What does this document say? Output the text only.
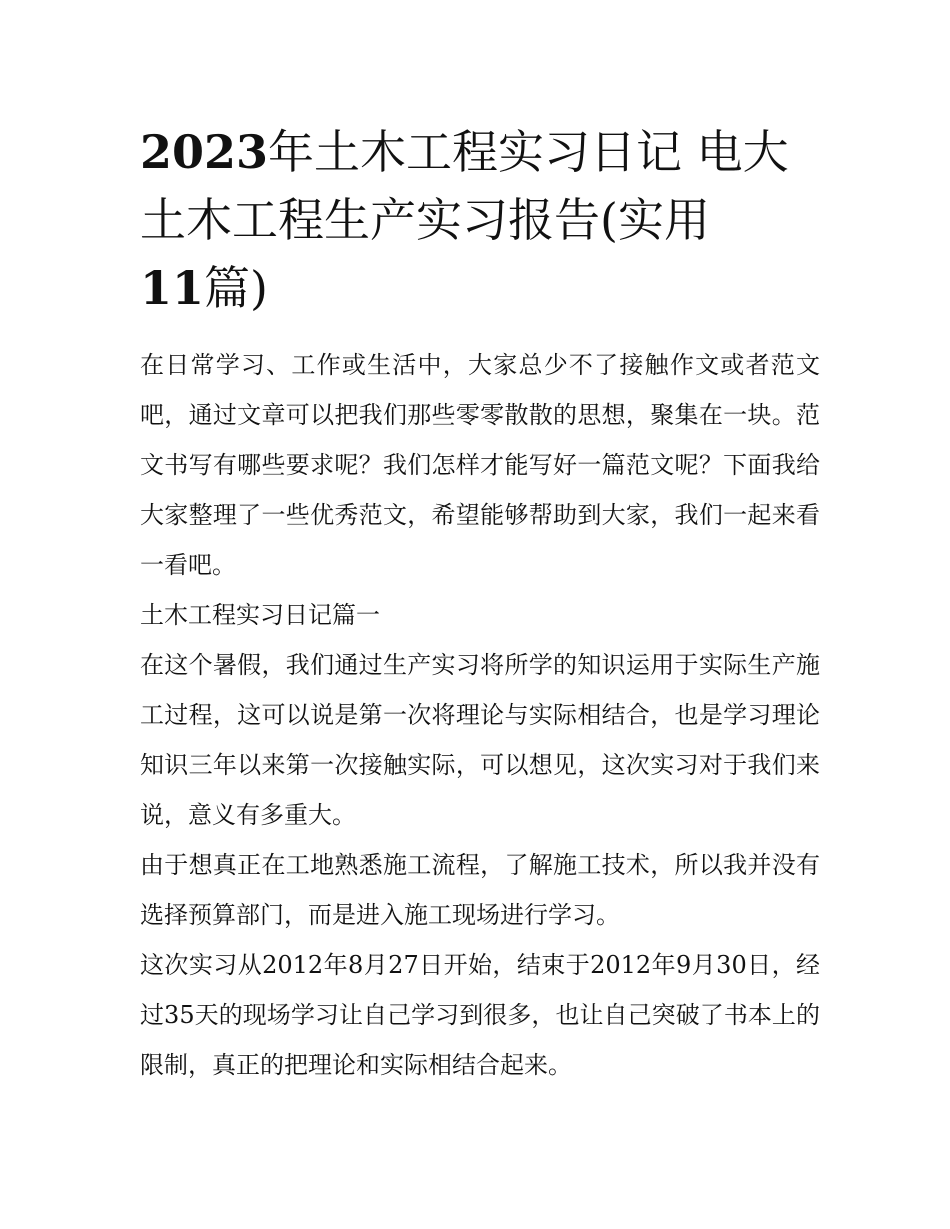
2023年土木工程实习日记 电大土木工程生产实习报告(实用
11篇)

在日常学习、工作或生活中，大家总少不了接触作文或者范文吧，通过文章可以把我们那些零零散散的思想，聚集在一块。范文书写有哪些要求呢？我们怎样才能写好一篇范文呢？下面我给大家整理了一些优秀范文，希望能够帮助到大家，我们一起来看一看吧。

土木工程实习日记篇一

在这个暑假，我们通过生产实习将所学的知识运用于实际生产施工过程，这可以说是第一次将理论与实际相结合，也是学习理论知识三年以来第一次接触实际，可以想见，这次实习对于我们来说，意义有多重大。

由于想真正在工地熟悉施工流程，了解施工技术，所以我并没有选择预算部门，而是进入施工现场进行学习。

这次实习从2012年8月27日开始，结束于2012年9月30日，经过35天的现场学习让自己学习到很多，也让自己突破了书本上的限制，真正的把理论和实际相结合起来。
